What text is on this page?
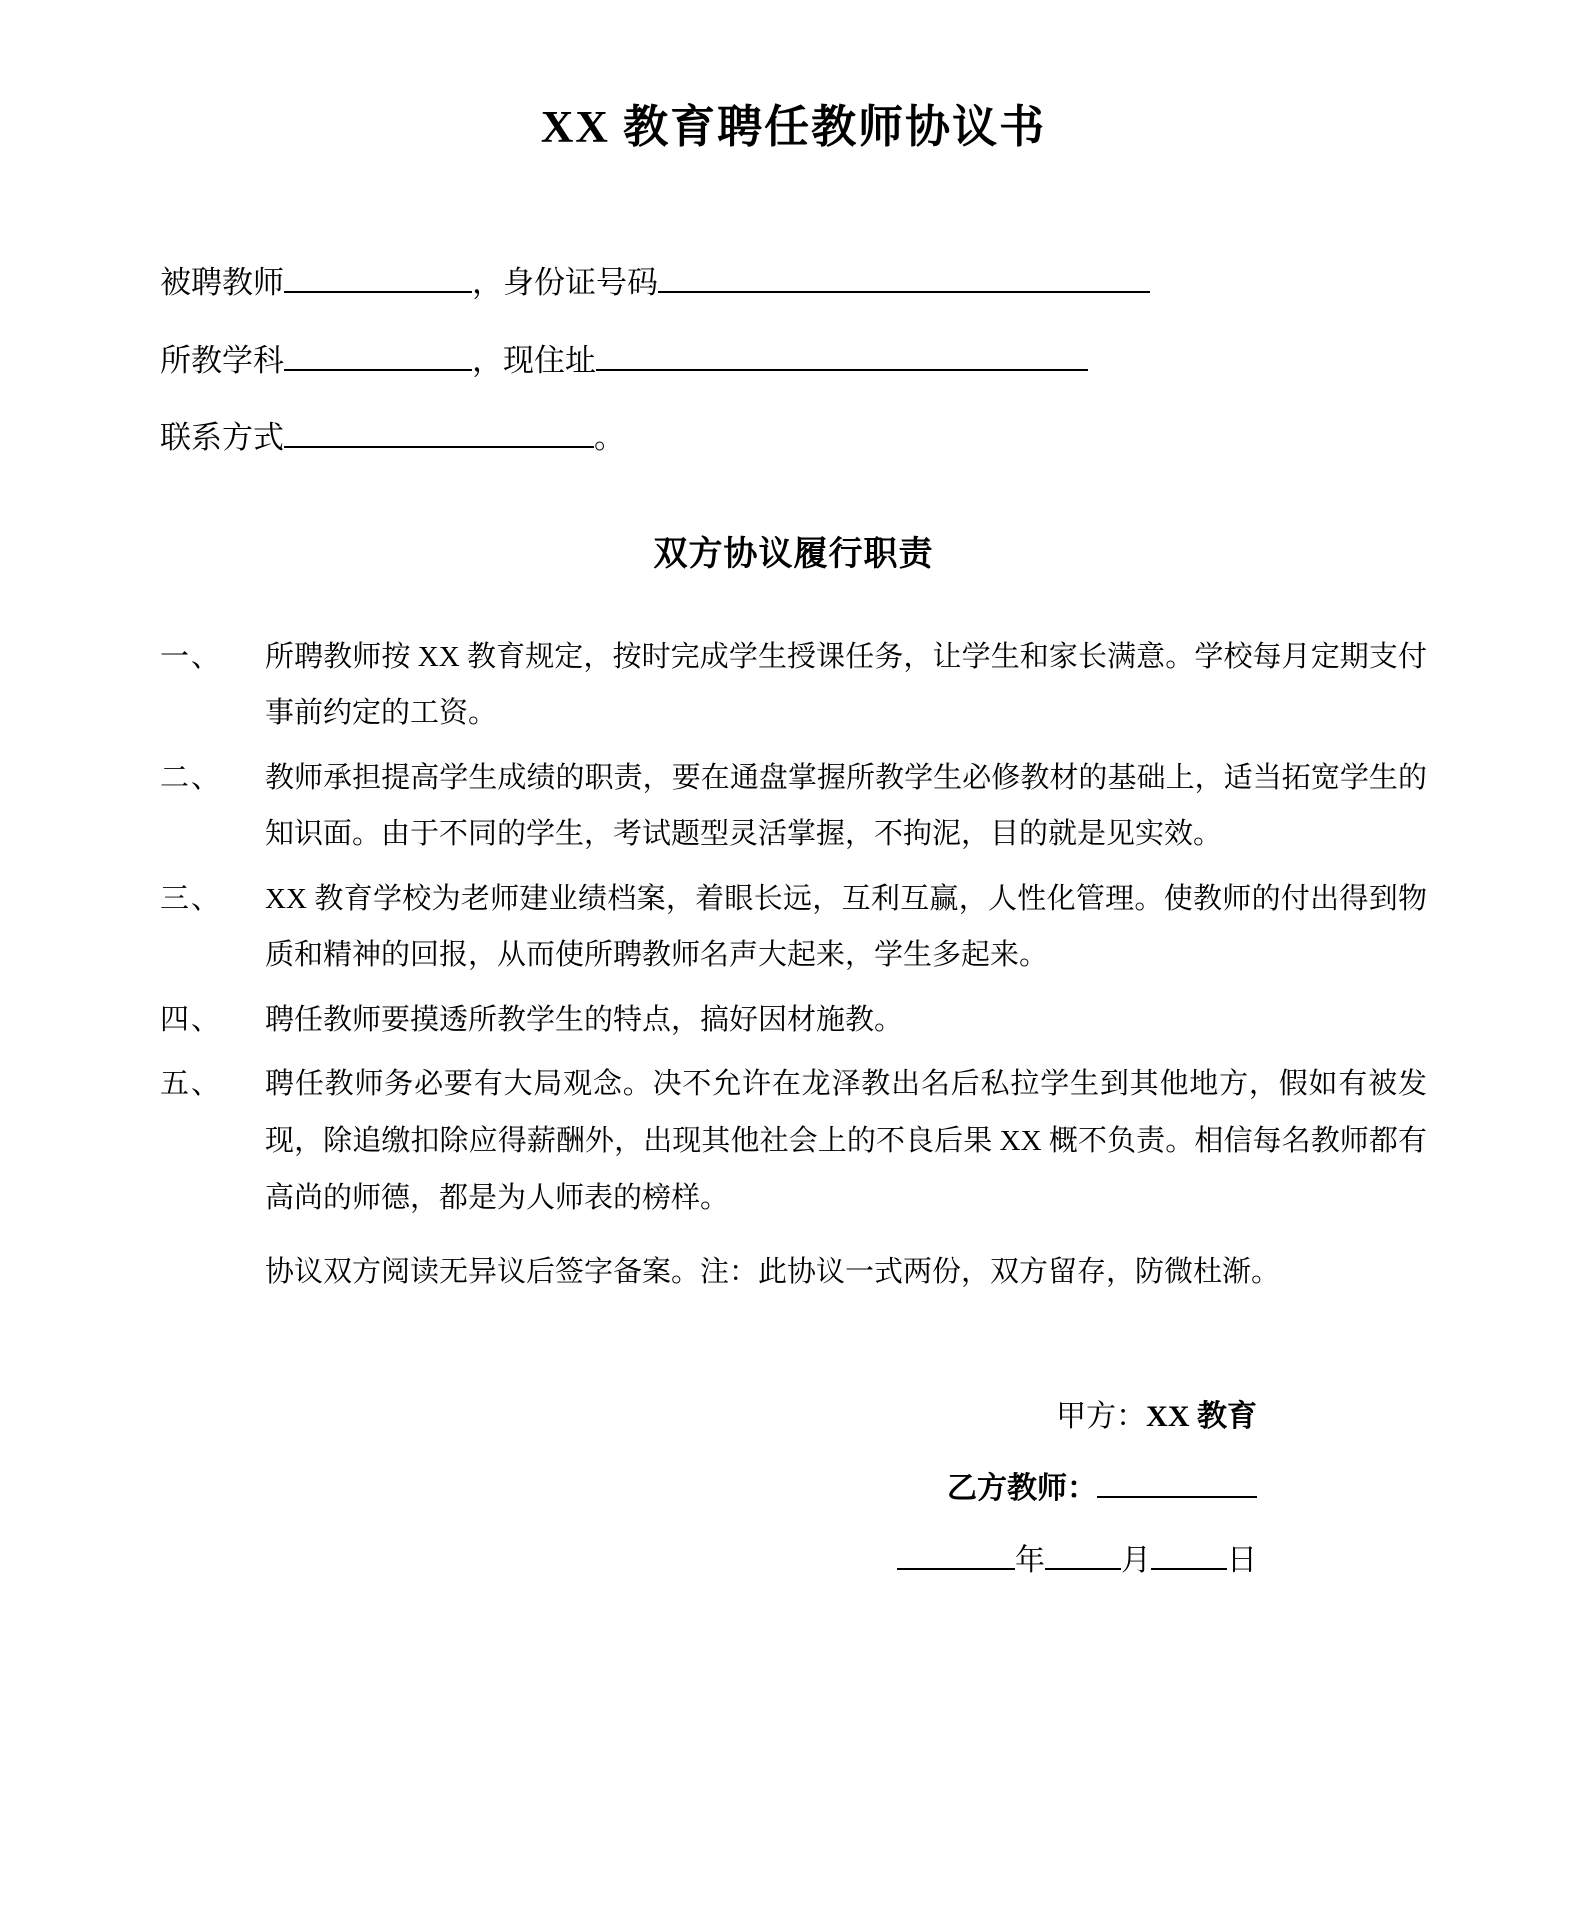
XX 教育聘任教师协议书
被聘教师	，身份证号码
所教学科	，现住址
联系方式	。
双方协议履行职责
一、	所聘教师按 XX 教育规定，按时完成学生授课任务，让学生和家长满意。学校每月定期支付事前约定的工资。
二、	教师承担提高学生成绩的职责，要在通盘掌握所教学生必修教材的基础上，适当拓宽学生的知识面。由于不同的学生，考试题型灵活掌握，不拘泥，目的就是见实效。
三、	XX 教育学校为老师建业绩档案，着眼长远，互利互赢，人性化管理。使教师的付出得到物质和精神的回报，从而使所聘教师名声大起来，学生多起来。
四、	聘任教师要摸透所教学生的特点，搞好因材施教。
五、	聘任教师务必要有大局观念。决不允许在龙泽教出名后私拉学生到其他地方，假如有被发现，除追缴扣除应得薪酬外，出现其他社会上的不良后果 XX 概不负责。相信每名教师都有高尚的师德，都是为人师表的榜样。
协议双方阅读无异议后签字备案。注：此协议一式两份，双方留存，防微杜渐。
甲方：XX 教育
乙方教师：
年	月	日
